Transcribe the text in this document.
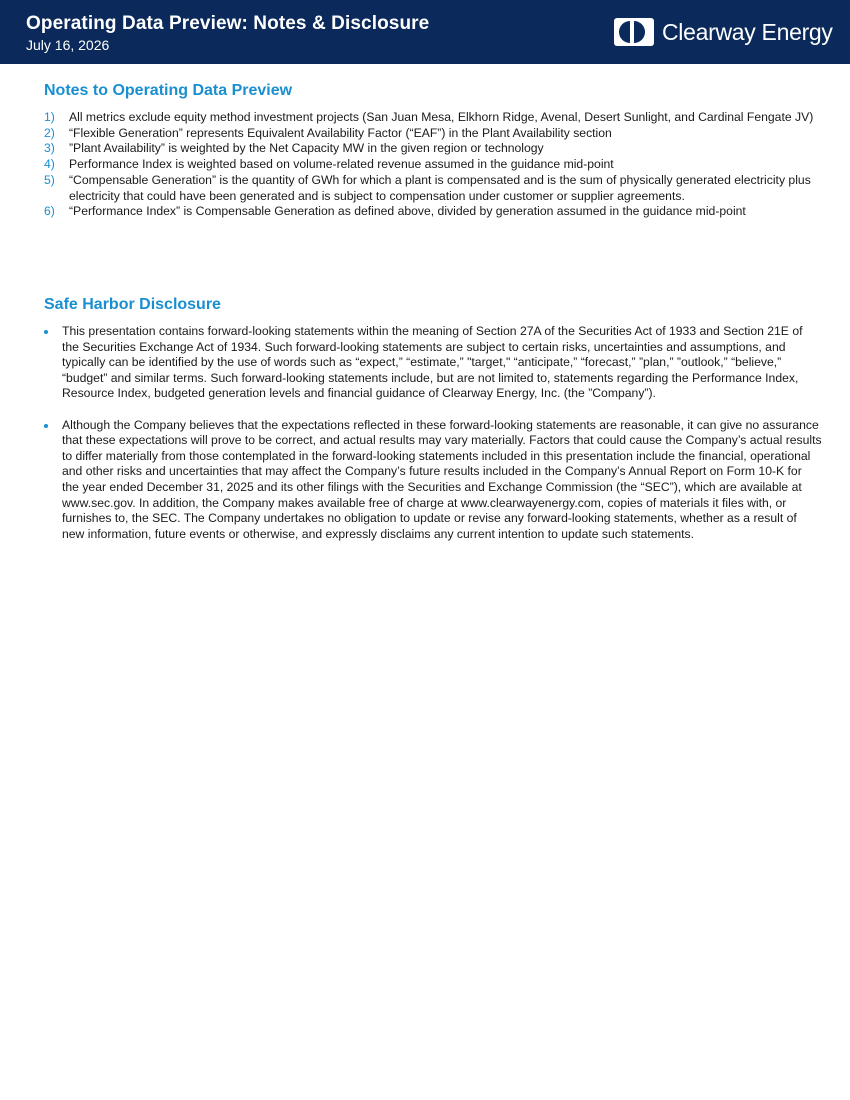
Operating Data Preview: Notes & Disclosure
July 16, 2026	Clearway Energy
Notes to Operating Data Preview
1) All metrics exclude equity method investment projects (San Juan Mesa, Elkhorn Ridge, Avenal, Desert Sunlight, and Cardinal Fengate JV)
2) “Flexible Generation” represents Equivalent Availability Factor (“EAF”) in the Plant Availability section
3) ”Plant Availability” is weighted by the Net Capacity MW in the given region or technology
4) Performance Index is weighted based on volume-related revenue assumed in the guidance mid-point
5) “Compensable Generation” is the quantity of GWh for which a plant is compensated and is the sum of physically generated electricity plus electricity that could have been generated and is subject to compensation under customer or supplier agreements.
6) “Performance Index” is Compensable Generation as defined above, divided by generation assumed in the guidance mid-point
Safe Harbor Disclosure
This presentation contains forward-looking statements within the meaning of Section 27A of the Securities Act of 1933 and Section 21E of the Securities Exchange Act of 1934. Such forward-looking statements are subject to certain risks, uncertainties and assumptions, and typically can be identified by the use of words such as “expect,” “estimate,” "target," “anticipate,” “forecast,” ”plan,” ”outlook,” “believe,” “budget” and similar terms. Such forward-looking statements include, but are not limited to, statements regarding the Performance Index, Resource Index, budgeted generation levels and financial guidance of Clearway Energy, Inc. (the ”Company”).
Although the Company believes that the expectations reflected in these forward-looking statements are reasonable, it can give no assurance that these expectations will prove to be correct, and actual results may vary materially. Factors that could cause the Company’s actual results to differ materially from those contemplated in the forward-looking statements included in this presentation include the financial, operational and other risks and uncertainties that may affect the Company’s future results included in the Company’s Annual Report on Form 10-K for the year ended December 31, 2025 and its other filings with the Securities and Exchange Commission (the “SEC”), which are available at www.sec.gov. In addition, the Company makes available free of charge at www.clearwayenergy.com, copies of materials it files with, or furnishes to, the SEC. The Company undertakes no obligation to update or revise any forward-looking statements, whether as a result of new information, future events or otherwise, and expressly disclaims any current intention to update such statements.
